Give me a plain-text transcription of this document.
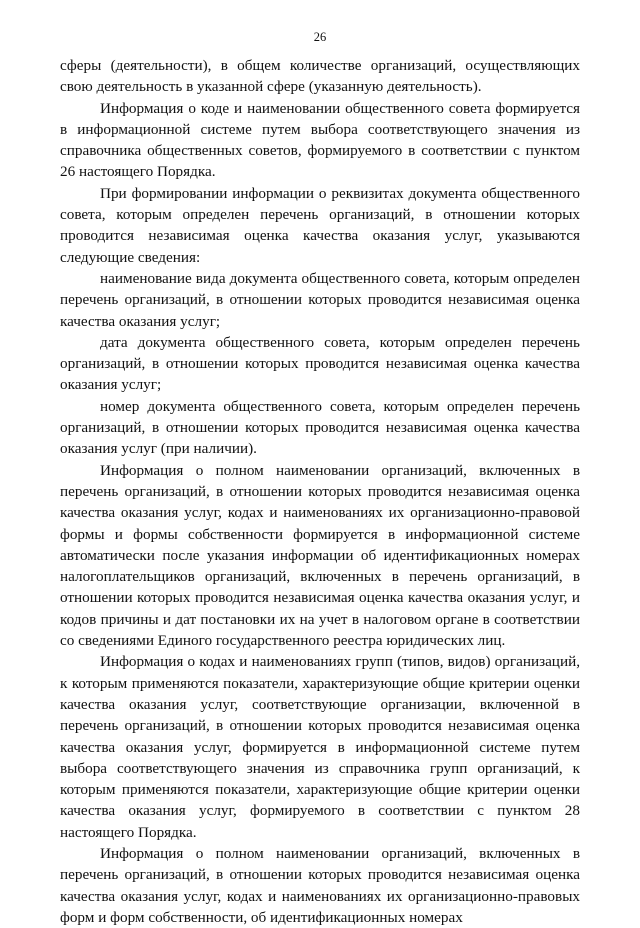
26

сферы (деятельности), в общем количестве организаций, осуществляющих свою деятельность в указанной сфере (указанную деятельность).

Информация о коде и наименовании общественного совета формируется в информационной системе путем выбора соответствующего значения из справочника общественных советов, формируемого в соответствии с пунктом 26 настоящего Порядка.

При формировании информации о реквизитах документа общественного совета, которым определен перечень организаций, в отношении которых проводится независимая оценка качества оказания услуг, указываются следующие сведения:

наименование вида документа общественного совета, которым определен перечень организаций, в отношении которых проводится независимая оценка качества оказания услуг;

дата документа общественного совета, которым определен перечень организаций, в отношении которых проводится независимая оценка качества оказания услуг;

номер документа общественного совета, которым определен перечень организаций, в отношении которых проводится независимая оценка качества оказания услуг (при наличии).

Информация о полном наименовании организаций, включенных в перечень организаций, в отношении которых проводится независимая оценка качества оказания услуг, кодах и наименованиях их организационно-правовой формы и формы собственности формируется в информационной системе автоматически после указания информации об идентификационных номерах налогоплательщиков организаций, включенных в перечень организаций, в отношении которых проводится независимая оценка качества оказания услуг, и кодов причины и дат постановки их на учет в налоговом органе в соответствии со сведениями Единого государственного реестра юридических лиц.

Информация о кодах и наименованиях групп (типов, видов) организаций, к которым применяются показатели, характеризующие общие критерии оценки качества оказания услуг, соответствующие организации, включенной в перечень организаций, в отношении которых проводится независимая оценка качества оказания услуг, формируется в информационной системе путем выбора соответствующего значения из справочника групп организаций, к которым применяются показатели, характеризующие общие критерии оценки качества оказания услуг, формируемого в соответствии с пунктом 28 настоящего Порядка.

Информация о полном наименовании организаций, включенных в перечень организаций, в отношении которых проводится независимая оценка качества оказания услуг, кодах и наименованиях их организационно-правовых форм и форм собственности, об идентификационных номерах
